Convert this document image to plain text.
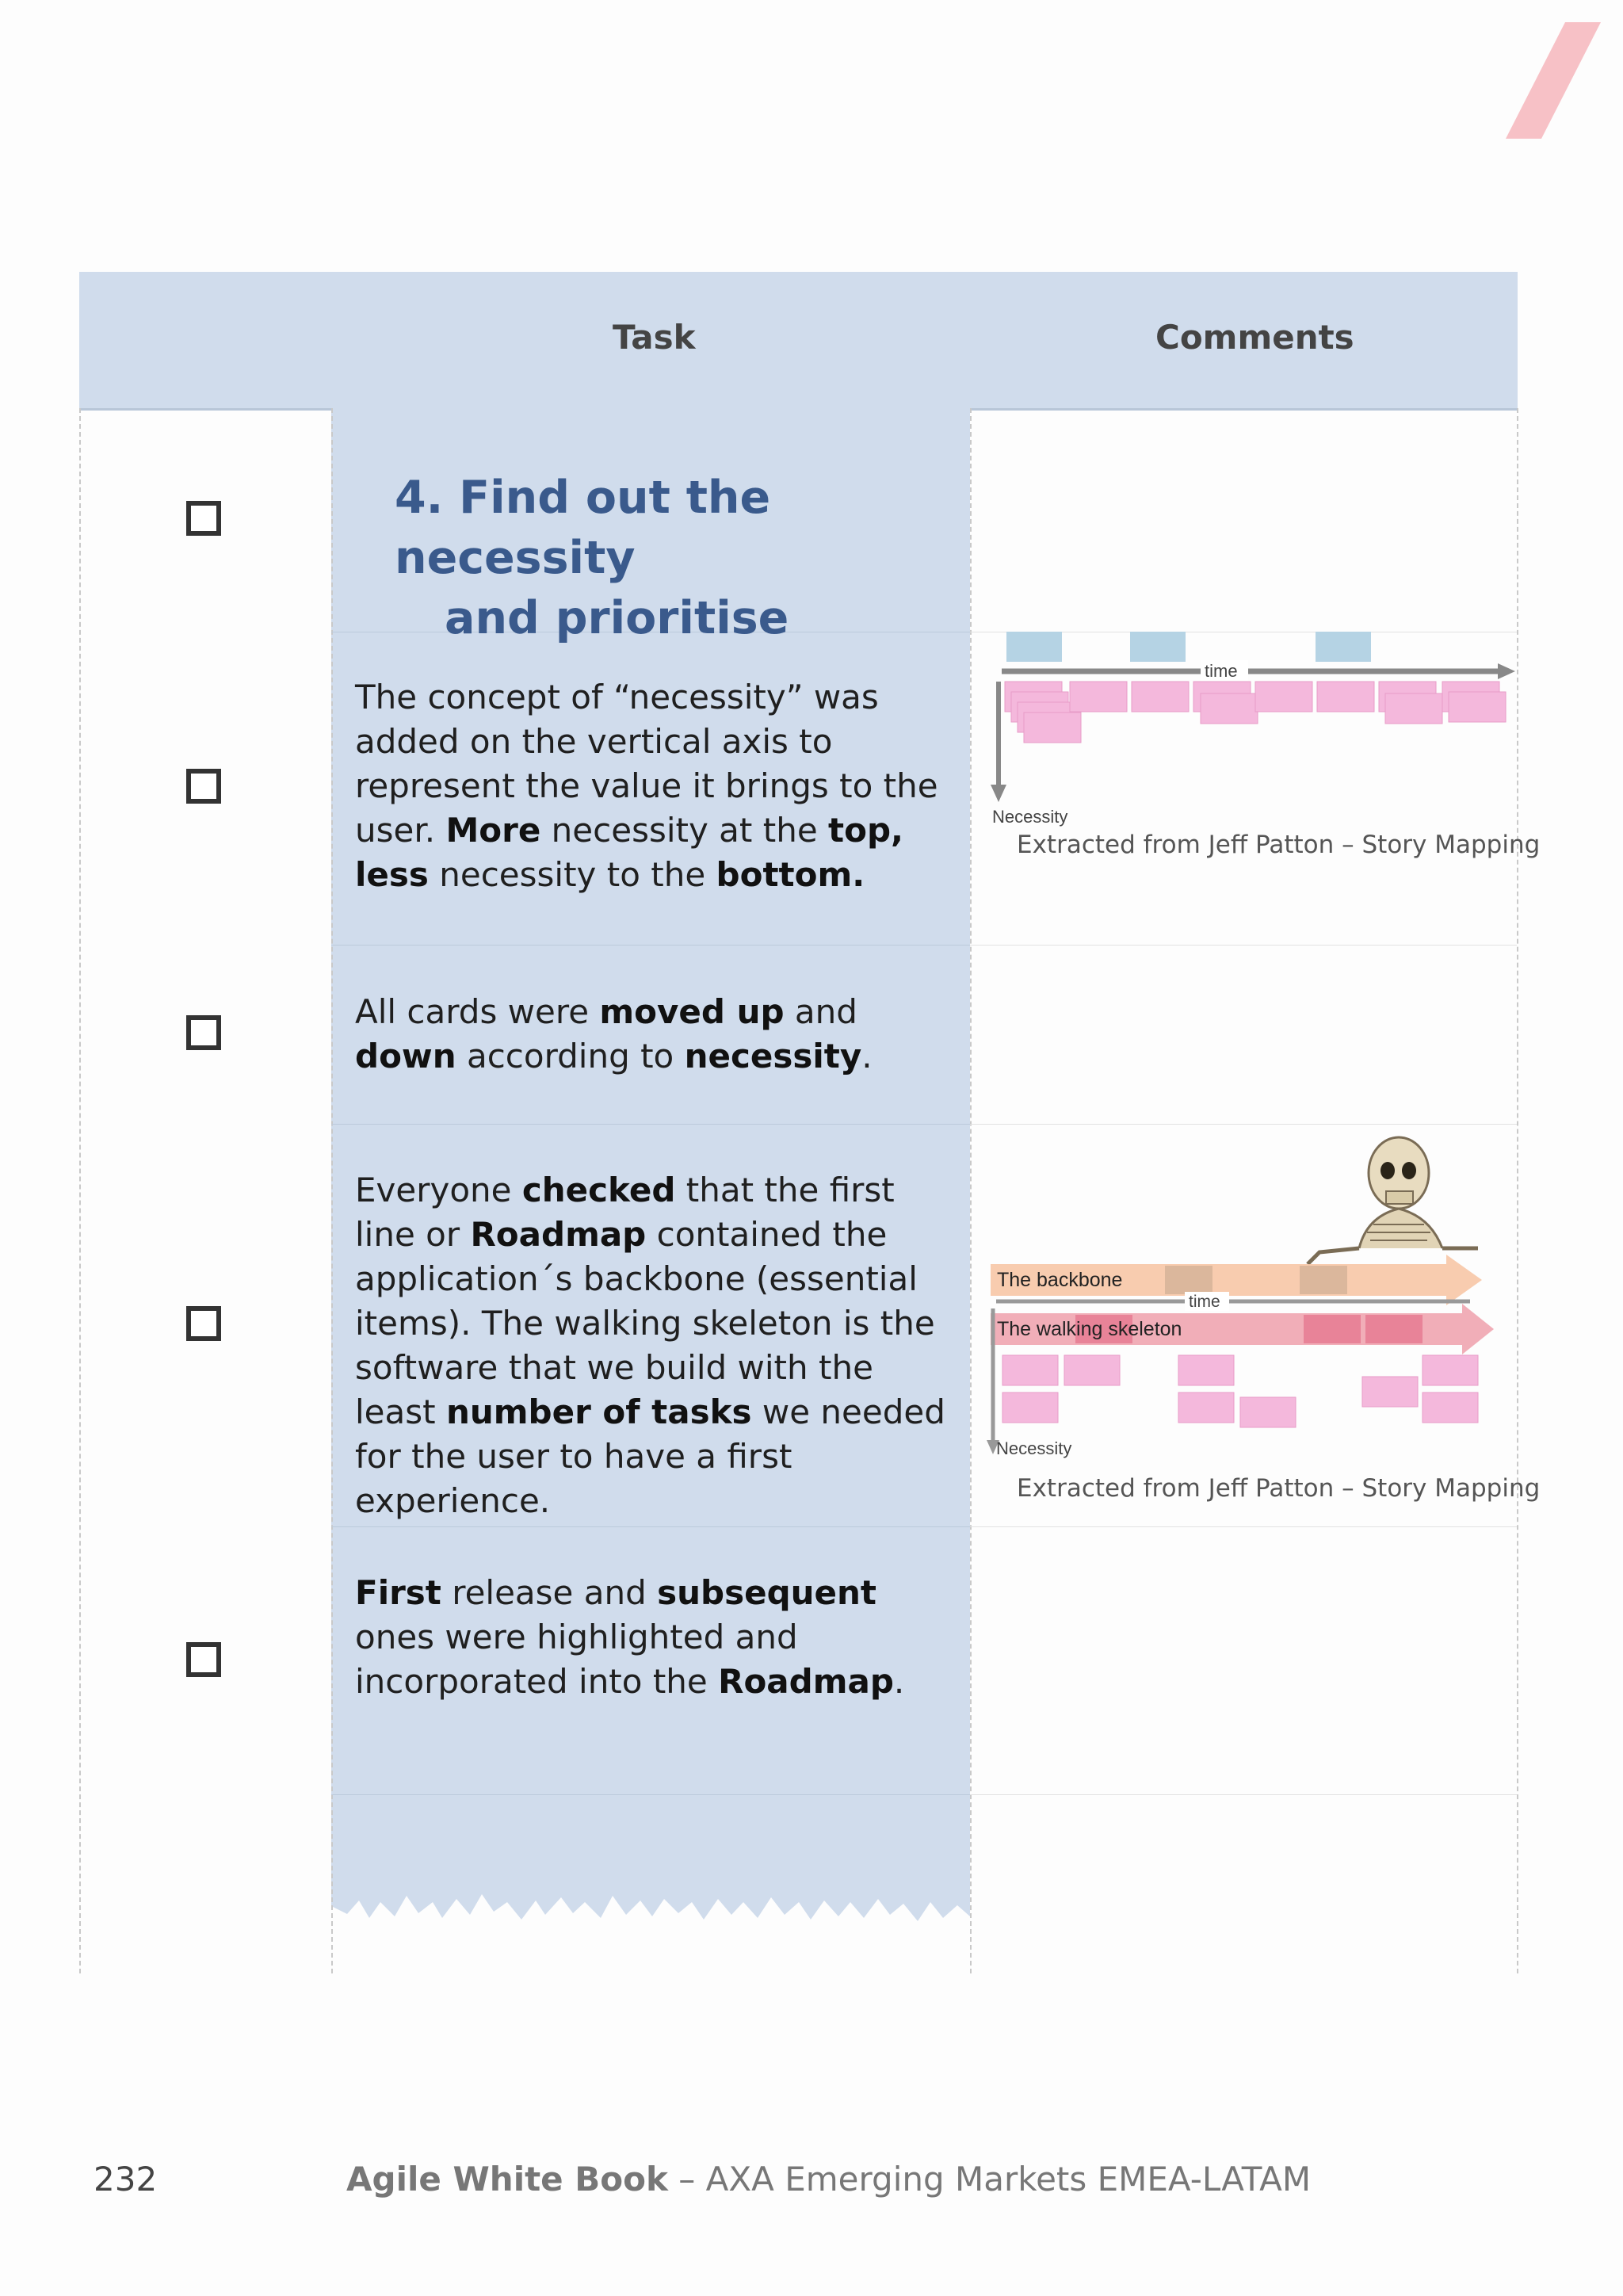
Task	Comments
4. Find out the necessity
and prioritise
The concept of “necessity” was added on the vertical axis to represent the value it brings to the user. More necessity at the top, less necessity to the bottom.
All cards were moved up and down according to necessity.
Everyone checked that the first line or Roadmap contained the application´s backbone (essential items). The walking skeleton is the software that we build with the least number of tasks we needed for the user to have a first experience.
First release and subsequent ones were highlighted and incorporated into the Roadmap.
time
Necessity
Extracted from Jeff Patton – Story Mapping
The backbone
time
The walking skeleton
Necessity
Extracted from Jeff Patton – Story Mapping
232	Agile White Book – AXA Emerging Markets EMEA-LATAM
